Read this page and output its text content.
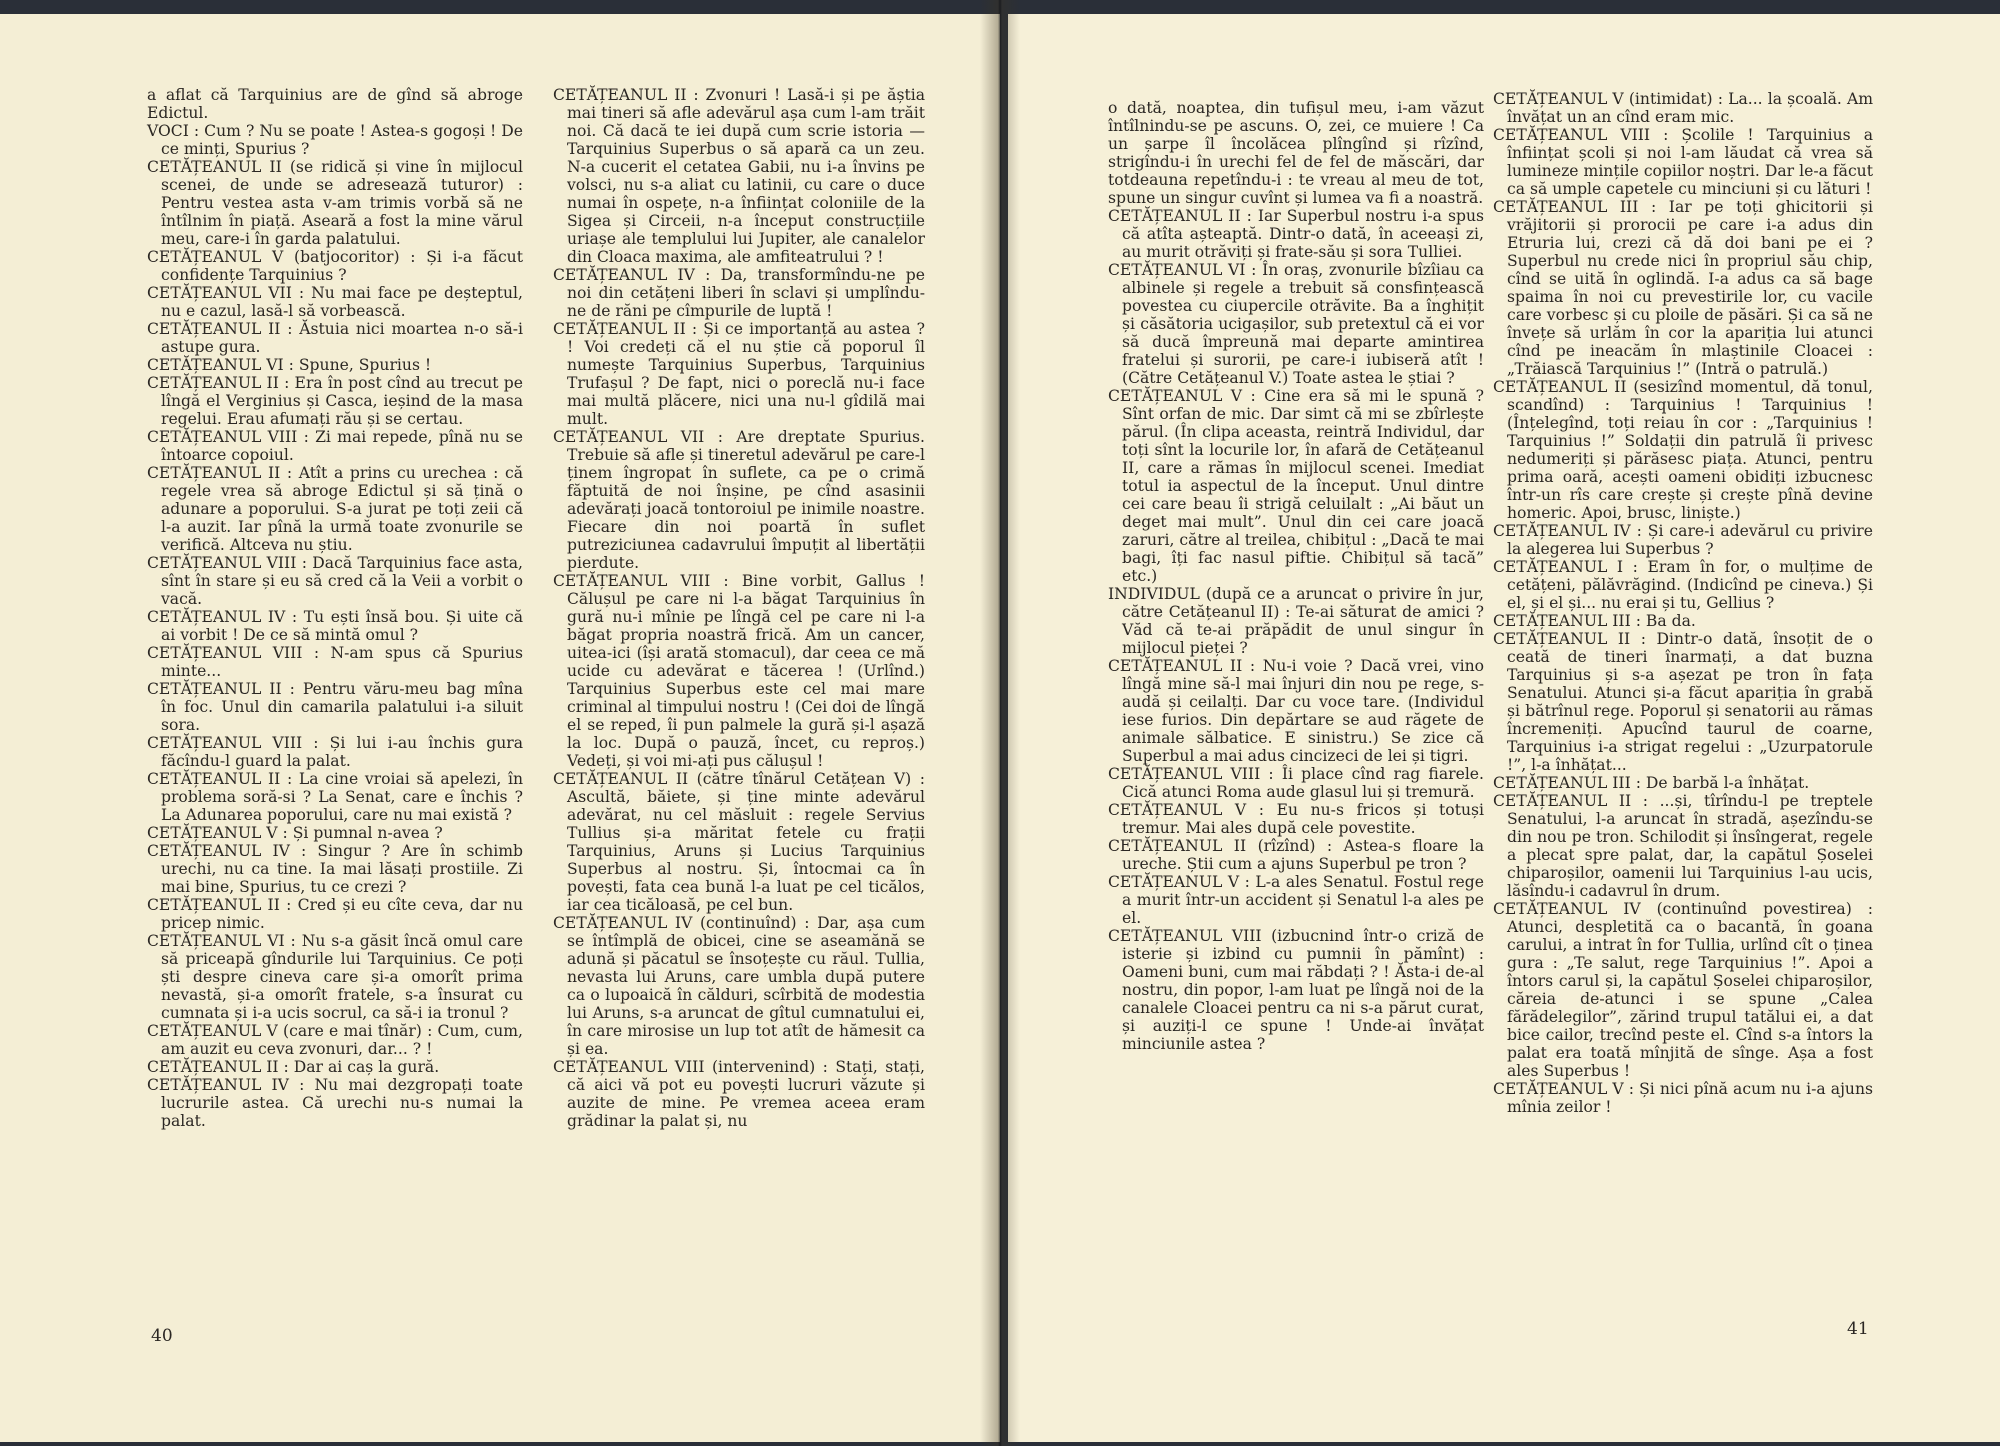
a aflat că Tarquinius are de gînd să abroge Edictul.

VOCI : Cum ? Nu se poate ! Astea-s gogoși ! De ce minți, Spurius ?

CETĂȚEANUL II (se ridică și vine în mijlocul scenei, de unde se adresează tuturor) : Pentru vestea asta v-am trimis vorbă să ne întîlnim în piață. Aseară a fost la mine vărul meu, care-i în garda palatului.

CETĂȚEANUL V (batjocoritor) : Și i-a făcut confidențe Tarquinius ?

CETĂȚEANUL VII : Nu mai face pe deșteptul, nu e cazul, lasă-l să vorbească.

CETĂȚEANUL II : Ăstuia nici moartea n-o să-i astupe gura.

CETĂȚEANUL VI : Spune, Spurius !

CETĂȚEANUL II : Era în post cînd au trecut pe lîngă el Verginius și Casca, ieșind de la masa regelui. Erau afumați rău și se certau.

CETĂȚEANUL VIII : Zi mai repede, pînă nu se întoarce copoiul.

CETĂȚEANUL II : Atît a prins cu urechea : că regele vrea să abroge Edictul și să țină o adunare a poporului. S-a jurat pe toți zeii că l-a auzit. Iar pînă la urmă toate zvonurile se verifică. Altceva nu știu.

CETĂȚEANUL VIII : Dacă Tarquinius face asta, sînt în stare și eu să cred că la Veii a vorbit o vacă.

CETĂȚEANUL IV : Tu ești însă bou. Și uite că ai vorbit ! De ce să mintă omul ?

CETĂȚEANUL VIII : N-am spus că Spurius minte...

CETĂȚEANUL II : Pentru văru-meu bag mîna în foc. Unul din camarila palatului i-a siluit sora.

CETĂȚEANUL VIII : Și lui i-au închis gura făcîndu-l guard la palat.

CETĂȚEANUL II : La cine vroiai să apelezi, în problema soră-si ? La Senat, care e închis ? La Adunarea poporului, care nu mai există ?

CETĂȚEANUL V : Și pumnal n-avea ?

CETĂȚEANUL IV : Singur ? Are în schimb urechi, nu ca tine. Ia mai lăsați prostiile. Zi mai bine, Spurius, tu ce crezi ?

CETĂȚEANUL II : Cred și eu cîte ceva, dar nu pricep nimic.

CETĂȚEANUL VI : Nu s-a găsit încă omul care să priceapă gîndurile lui Tarquinius. Ce poți ști despre cineva care și-a omorît prima nevastă, și-a omorît fratele, s-a însurat cu cumnata și i-a ucis socrul, ca să-i ia tronul ?

CETĂȚEANUL V (care e mai tînăr) : Cum, cum, am auzit eu ceva zvonuri, dar... ? !

CETĂȚEANUL II : Dar ai caș la gură.

CETĂȚEANUL IV : Nu mai dezgropați toate lucrurile astea. Că urechi nu-s numai la palat.

CETĂȚEANUL II : Zvonuri ! Lasă-i și pe ăștia mai tineri să afle adevărul așa cum l-am trăit noi. Că dacă te iei după cum scrie istoria — Tarquinius Superbus o să apară ca un zeu. N-a cucerit el cetatea Gabii, nu i-a învins pe volsci, nu s-a aliat cu latinii, cu care o duce numai în ospețe, n-a înființat coloniile de la Sigea și Circeii, n-a început construcțiile uriașe ale templului lui Jupiter, ale canalelor din Cloaca maxima, ale amfiteatrului ? !

CETĂȚEANUL IV : Da, transformîndu-ne pe noi din cetățeni liberi în sclavi și umplîndu-ne de răni pe cîmpurile de luptă !

CETĂȚEANUL II : Și ce importanță au astea ? ! Voi credeți că el nu știe că poporul îl numește Tarquinius Superbus, Tarquinius Trufașul ? De fapt, nici o poreclă nu-i face mai multă plăcere, nici una nu-l gîdilă mai mult.

CETĂȚEANUL VII : Are dreptate Spurius. Trebuie să afle și tineretul adevărul pe care-l ținem îngropat în suflete, ca pe o crimă făptuită de noi înșine, pe cînd asasinii adevărați joacă tontoroiul pe inimile noastre. Fiecare din noi poartă în suflet putreziciunea cadavrului împuțit al libertății pierdute.

CETĂȚEANUL VIII : Bine vorbit, Gallus ! Călușul pe care ni l-a băgat Tarquinius în gură nu-i mînie pe lîngă cel pe care ni l-a băgat propria noastră frică. Am un cancer, uitea-ici (își arată stomacul), dar ceea ce mă ucide cu adevărat e tăcerea ! (Urlînd.) Tarquinius Superbus este cel mai mare criminal al timpului nostru ! (Cei doi de lîngă el se reped, îi pun palmele la gură și-l așază la loc. După o pauză, încet, cu reproș.) Vedeți, și voi mi-ați pus călușul !

CETĂȚEANUL II (către tînărul Cetățean V) : Ascultă, băiete, și ține minte adevărul adevărat, nu cel măsluit : regele Servius Tullius și-a măritat fetele cu frații Tarquinius, Aruns și Lucius Tarquinius Superbus al nostru. Și, întocmai ca în povești, fata cea bună l-a luat pe cel ticălos, iar cea ticăloasă, pe cel bun.

CETĂȚEANUL IV (continuînd) : Dar, așa cum se întîmplă de obicei, cine se aseamănă se adună și păcatul se însoțește cu răul. Tullia, nevasta lui Aruns, care umbla după putere ca o lupoaică în călduri, scîrbită de modestia lui Aruns, s-a aruncat de gîtul cumnatului ei, în care mirosise un lup tot atît de hămesit ca și ea.

CETĂȚEANUL VIII (intervenind) : Stați, stați, că aici vă pot eu povești lucruri văzute și auzite de mine. Pe vremea aceea eram grădinar la palat și, nu

40

o dată, noaptea, din tufișul meu, i-am văzut întîlnindu-se pe ascuns. O, zei, ce muiere ! Ca un șarpe îl încolăcea plîngînd și rîzînd, strigîndu-i în urechi fel de fel de măscări, dar totdeauna repetîndu-i : te vreau al meu de tot, spune un singur cuvînt și lumea va fi a noastră.

CETĂȚEANUL II : Iar Superbul nostru i-a spus că atîta așteaptă. Dintr-o dată, în aceeași zi, au murit otrăviți și frate-său și sora Tulliei.

CETĂȚEANUL VI : În oraș, zvonurile bîzîiau ca albinele și regele a trebuit să consfințească povestea cu ciupercile otrăvite. Ba a înghițit și căsătoria ucigașilor, sub pretextul că ei vor să ducă împreună mai departe amintirea fratelui și surorii, pe care-i iubiseră atît ! (Către Cetățeanul V.) Toate astea le știai ?

CETĂȚEANUL V : Cine era să mi le spună ? Sînt orfan de mic. Dar simt că mi se zbîrlește părul. (În clipa aceasta, reintră Individul, dar toți sînt la locurile lor, în afară de Cetățeanul II, care a rămas în mijlocul scenei. Imediat totul ia aspectul de la început. Unul dintre cei care beau îi strigă celuilalt : „Ai băut un deget mai mult”. Unul din cei care joacă zaruri, către al treilea, chibițul : „Dacă te mai bagi, îți fac nasul piftie. Chibițul să tacă” etc.)

INDIVIDUL (după ce a aruncat o privire în jur, către Cetățeanul II) : Te-ai săturat de amici ? Văd că te-ai prăpădit de unul singur în mijlocul pieței ?

CETĂȚEANUL II : Nu-i voie ? Dacă vrei, vino lîngă mine să-l mai înjuri din nou pe rege, s-audă și ceilalți. Dar cu voce tare. (Individul iese furios. Din depărtare se aud răgete de animale sălbatice. E sinistru.) Se zice că Superbul a mai adus cincizeci de lei și tigri.

CETĂȚEANUL VIII : Îi place cînd rag fiarele. Cică atunci Roma aude glasul lui și tremură.

CETĂȚEANUL V : Eu nu-s fricos și totuși tremur. Mai ales după cele povestite.

CETĂȚEANUL II (rîzînd) : Astea-s floare la ureche. Știi cum a ajuns Superbul pe tron ?

CETĂȚEANUL V : L-a ales Senatul. Fostul rege a murit într-un accident și Senatul l-a ales pe el.

CETĂȚEANUL VIII (izbucnind într-o criză de isterie și izbind cu pumnii în pămînt) : Oameni buni, cum mai răbdați ? ! Ăsta-i de-al nostru, din popor, l-am luat pe lîngă noi de la canalele Cloacei pentru ca ni s-a părut curat, și auziți-l ce spune ! Unde-ai învățat minciunile astea ?

CETĂȚEANUL V (intimidat) : La... la școală. Am învățat un an cînd eram mic.

CETĂȚEANUL VIII : Școlile ! Tarquinius a înființat școli și noi l-am lăudat că vrea să lumineze mințile copiilor noștri. Dar le-a făcut ca să umple capetele cu minciuni și cu lături !

CETĂȚEANUL III : Iar pe toți ghicitorii și vrăjitorii și prorocii pe care i-a adus din Etruria lui, crezi că dă doi bani pe ei ? Superbul nu crede nici în propriul său chip, cînd se uită în oglindă. I-a adus ca să bage spaima în noi cu prevestirile lor, cu vacile care vorbesc și cu ploile de păsări. Și ca să ne învețe să urlăm în cor la apariția lui atunci cînd pe ineacăm în mlaștinile Cloacei : „Trăiască Tarquinius !” (Intră o patrulă.)

CETĂȚEANUL II (sesizînd momentul, dă tonul, scandînd) : Tarquinius ! Tarquinius ! (Înțelegînd, toți reiau în cor : „Tarquinius ! Tarquinius !” Soldații din patrulă îi privesc nedumeriți și părăsesc piața. Atunci, pentru prima oară, acești oameni obidiți izbucnesc într-un rîs care crește și crește pînă devine homeric. Apoi, brusc, liniște.)

CETĂȚEANUL IV : Și care-i adevărul cu privire la alegerea lui Superbus ?

CETĂȚEANUL I : Eram în for, o mulțime de cetățeni, pălăvrăgind. (Indicînd pe cineva.) Și el, și el și... nu erai și tu, Gellius ?

CETĂȚEANUL III : Ba da.

CETĂȚEANUL II : Dintr-o dată, însoțit de o ceată de tineri înarmați, a dat buzna Tarquinius și s-a așezat pe tron în fața Senatului. Atunci și-a făcut apariția în grabă și bătrînul rege. Poporul și senatorii au rămas încremeniți. Apucînd taurul de coarne, Tarquinius i-a strigat regelui : „Uzurpatorule !”, l-a înhățat...

CETĂȚEANUL III : De barbă l-a înhățat.

CETĂȚEANUL II : ...și, tîrîndu-l pe treptele Senatului, l-a aruncat în stradă, așezîndu-se din nou pe tron. Schilodit și însîngerat, regele a plecat spre palat, dar, la capătul Șoselei chiparoșilor, oamenii lui Tarquinius l-au ucis, lăsîndu-i cadavrul în drum.

CETĂȚEANUL IV (continuînd povestirea) : Atunci, despletită ca o bacantă, în goana carului, a intrat în for Tullia, urlînd cît o ținea gura : „Te salut, rege Tarquinius !”. Apoi a întors carul și, la capătul Șoselei chiparoșilor, căreia de-atunci i se spune „Calea fărădelegilor”, zărind trupul tatălui ei, a dat bice cailor, trecînd peste el. Cînd s-a întors la palat era toată mînjită de sînge. Așa a fost ales Superbus !

CETĂȚEANUL V : Și nici pînă acum nu i-a ajuns mînia zeilor !

41
